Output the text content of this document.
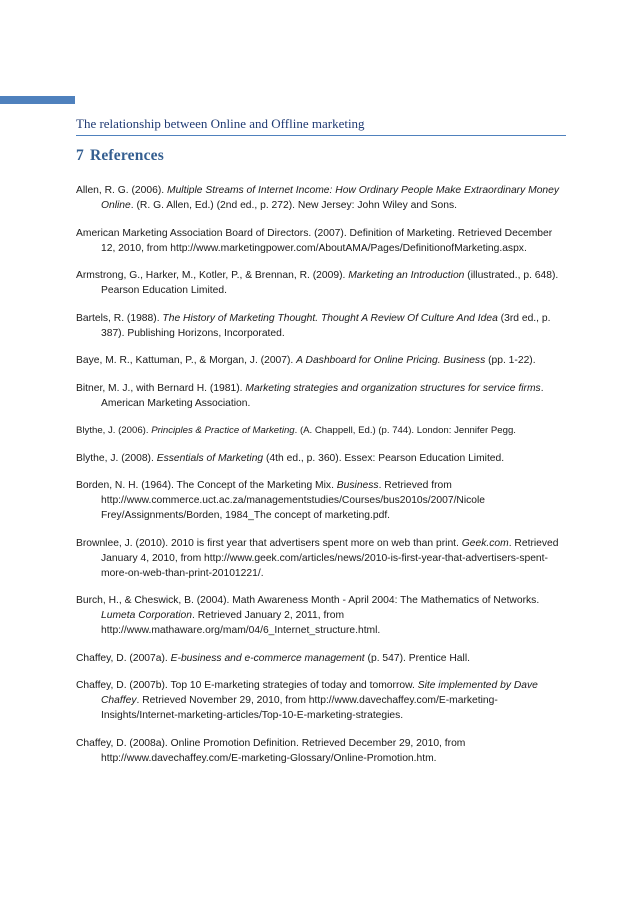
The relationship between Online and Offline marketing
7 References

Allen, R. G. (2006). Multiple Streams of Internet Income: How Ordinary People Make Extraordinary Money Online. (R. G. Allen, Ed.) (2nd ed., p. 272). New Jersey: John Wiley and Sons.

American Marketing Association Board of Directors. (2007). Definition of Marketing. Retrieved December 12, 2010, from http://www.marketingpower.com/AboutAMA/Pages/DefinitionofMarketing.aspx.

Armstrong, G., Harker, M., Kotler, P., & Brennan, R. (2009). Marketing an Introduction (illustrated., p. 648). Pearson Education Limited.

Bartels, R. (1988). The History of Marketing Thought. Thought A Review Of Culture And Idea (3rd ed., p. 387). Publishing Horizons, Incorporated.

Baye, M. R., Kattuman, P., & Morgan, J. (2007). A Dashboard for Online Pricing. Business (pp. 1-22).

Bitner, M. J., with Bernard H. (1981). Marketing strategies and organization structures for service firms. American Marketing Association.

Blythe, J. (2006). Principles & Practice of Marketing. (A. Chappell, Ed.) (p. 744). London: Jennifer Pegg.

Blythe, J. (2008). Essentials of Marketing (4th ed., p. 360). Essex: Pearson Education Limited.

Borden, N. H. (1964). The Concept of the Marketing Mix. Business. Retrieved from http://www.commerce.uct.ac.za/managementstudies/Courses/bus2010s/2007/Nicole Frey/Assignments/Borden, 1984_The concept of marketing.pdf.

Brownlee, J. (2010). 2010 is first year that advertisers spent more on web than print. Geek.com. Retrieved January 4, 2010, from http://www.geek.com/articles/news/2010-is-first-year-that-advertisers-spent-more-on-web-than-print-20101221/.

Burch, H., & Cheswick, B. (2004). Math Awareness Month - April 2004: The Mathematics of Networks. Lumeta Corporation. Retrieved January 2, 2011, from http://www.mathaware.org/mam/04/6_Internet_structure.html.

Chaffey, D. (2007a). E-business and e-commerce management (p. 547). Prentice Hall.

Chaffey, D. (2007b). Top 10 E-marketing strategies of today and tomorrow. Site implemented by Dave Chaffey. Retrieved November 29, 2010, from http://www.davechaffey.com/E-marketing-Insights/Internet-marketing-articles/Top-10-E-marketing-strategies.

Chaffey, D. (2008a). Online Promotion Definition. Retrieved December 29, 2010, from http://www.davechaffey.com/E-marketing-Glossary/Online-Promotion.htm.
